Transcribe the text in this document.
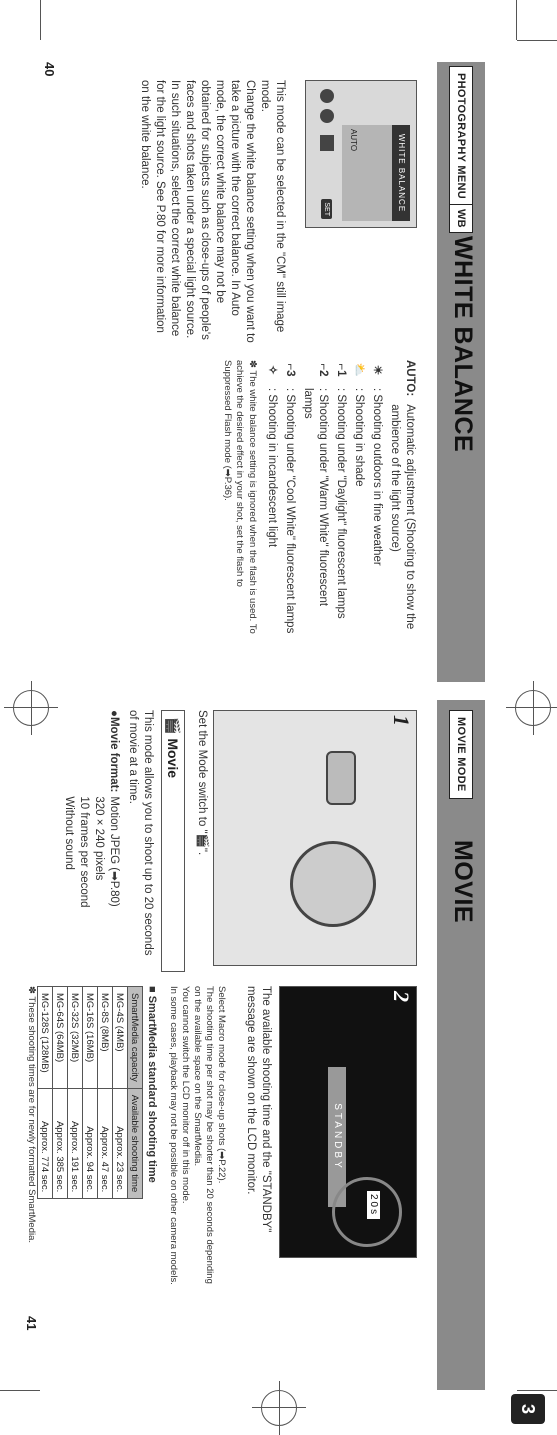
PHOTOGRAPHY MENU
WB
WHITE BALANCE
WHITE BALANCE
AUTO
SET
This mode can be selected in the "CM" still image mode.
Change the white balance setting when you want to take a picture with the correct balance. In Auto mode, the correct white balance may not be obtained for subjects such as close-ups of people's faces and shots taken under a special light source. In such situations, select the correct white balance for the light source. See P.80 for more information on the white balance.
AUTO:
Automatic adjustment (Shooting to show the ambience of the light source)
☀
: Shooting outdoors in fine weather
⛅
: Shooting in shade
⌐1
: Shooting under "Daylight" fluorescent lamps
⌐2
: Shooting under "Warm White" fluorescent lamps
⌐3
: Shooting under "Cool White" fluorescent lamps
✧
: Shooting in incandescent light
✽ The white balance setting is ignored when the flash is used. To achieve the desired effect in your shot, set the flash to Suppressed Flash mode (➡P.36).
40
MOVIE MODE
MOVIE
3
1
Set the Mode switch to "🎬".
🎬 Movie
This mode allows you to shoot up to 20 seconds of movie at a time.
●Movie format:
Motion JPEG (➡P.80)
320 × 240 pixels
10 frames per second
Without sound
2
STANDBY
20s
The available shooting time and the "STANDBY" message are shown on the LCD monitor.
Select Macro mode for close-up shots (➡P.22).
The shooting time per shot may be shorter than 20 seconds depending on the available space on the SmartMedia.
You cannot switch the LCD monitor off in this mode.
In some cases, playback may not be possible on other camera models.
■ SmartMedia standard shooting time
SmartMedia capacity	Available shooting time
MG-4S (4MB)	Approx. 23 sec.
MG-8S (8MB)	Approx. 47 sec.
MG-16S (16MB)	Approx. 94 sec.
MG-32S (32MB)	Approx. 191 sec.
MG-64S (64MB)	Approx. 385 sec.
MG-128S (128MB)	Approx. 774 sec.
✽ These shooting times are for newly formatted SmartMedia.
41
